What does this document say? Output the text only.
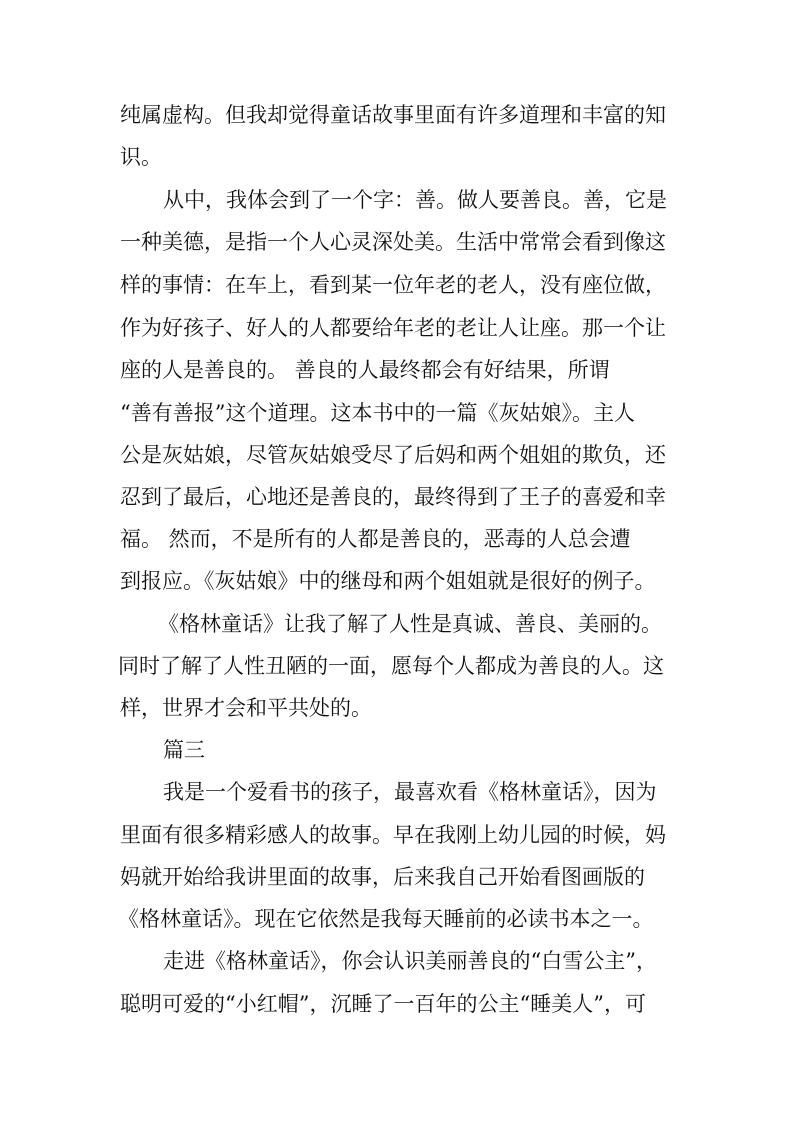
纯属虚构。但我却觉得童话故事里面有许多道理和丰富的知
识。
从中，我体会到了一个字：善。做人要善良。善，它是
一种美德，是指一个人心灵深处美。生活中常常会看到像这
样的事情：在车上，看到某一位年老的老人，没有座位做，
作为好孩子、好人的人都要给年老的老让人让座。那一个让
座的人是善良的。 善良的人最终都会有好结果，所谓
“善有善报”这个道理。这本书中的一篇《灰姑娘》。主人
公是灰姑娘，尽管灰姑娘受尽了后妈和两个姐姐的欺负，还
忍到了最后，心地还是善良的，最终得到了王子的喜爱和幸
福。 然而，不是所有的人都是善良的，恶毒的人总会遭
到报应。《灰姑娘》中的继母和两个姐姐就是很好的例子。
《格林童话》让我了解了人性是真诚、善良、美丽的。
同时了解了人性丑陋的一面，愿每个人都成为善良的人。这
样，世界才会和平共处的。
篇三
我是一个爱看书的孩子，最喜欢看《格林童话》，因为
里面有很多精彩感人的故事。早在我刚上幼儿园的时候，妈
妈就开始给我讲里面的故事，后来我自己开始看图画版的
《格林童话》。现在它依然是我每天睡前的必读书本之一。
走进《格林童话》，你会认识美丽善良的“白雪公主”，
聪明可爱的“小红帽”，沉睡了一百年的公主“睡美人”，可
